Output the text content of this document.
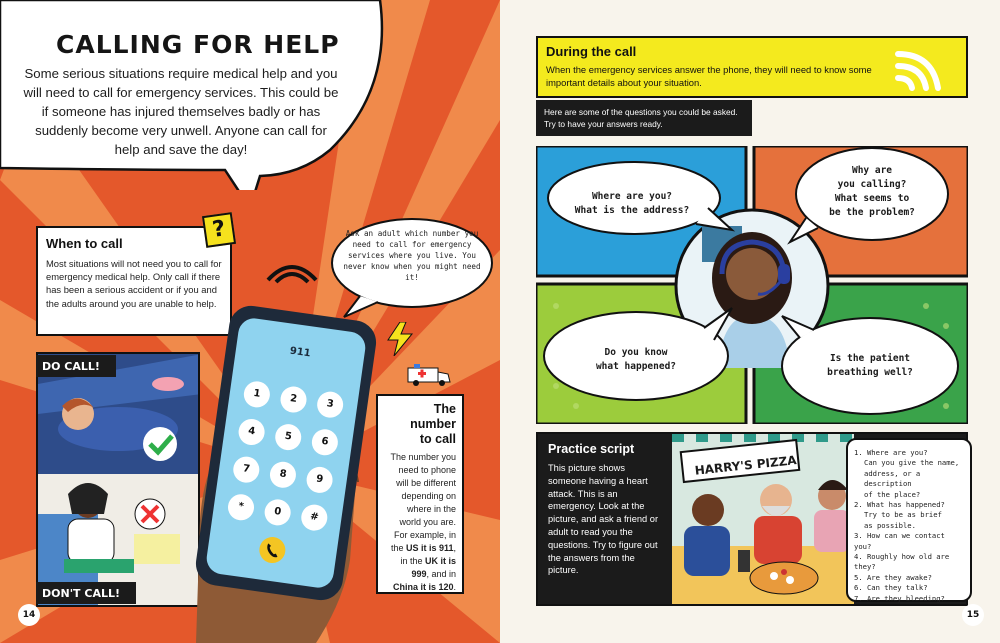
CALLING FOR HELP
Some serious situations require medical help and you will need to call for emergency services. This could be if someone has injured themselves badly or has suddenly become very unwell. Anyone can call for help and save the day!
When to call
Most situations will not need you to call for emergency medical help. Only call if there has been a serious accident or if you and the adults around you are unable to help.
?	Ask an adult which number you need to call for emergency services where you live. You never know when you might need it!
DO CALL!
DON'T CALL!
911
1	2	3
4	5	6
7	8	9
*	0	#
The
number
to call
The number you need to phone will be different depending on where in the world you are. For example, in the US it is 911, in the UK it is 999, and in China it is 120.
14
During the call
When the emergency services answer the phone, they will need to know some important details about your situation.
Here are some of the questions you could be asked. Try to have your answers ready.
Where are you?
What is the address?
Why are
you calling?
What seems to
be the problem?
Do you know
what happened?
Is the patient
breathing well?
Practice script
This picture shows someone having a heart attack. This is an emergency. Look at the picture, and ask a friend or adult to read you the questions. Try to figure out the answers from the picture.
HARRY'S PIZZA
1. Where are you?
Can you give the name,
address, or a description
of the place?
2. What has happened?
Try to be as brief
as possible.
3. How can we contact you?
4. Roughly how old are they?
5. Are they awake?
6. Can they talk?
7. Are they bleeding?
15
